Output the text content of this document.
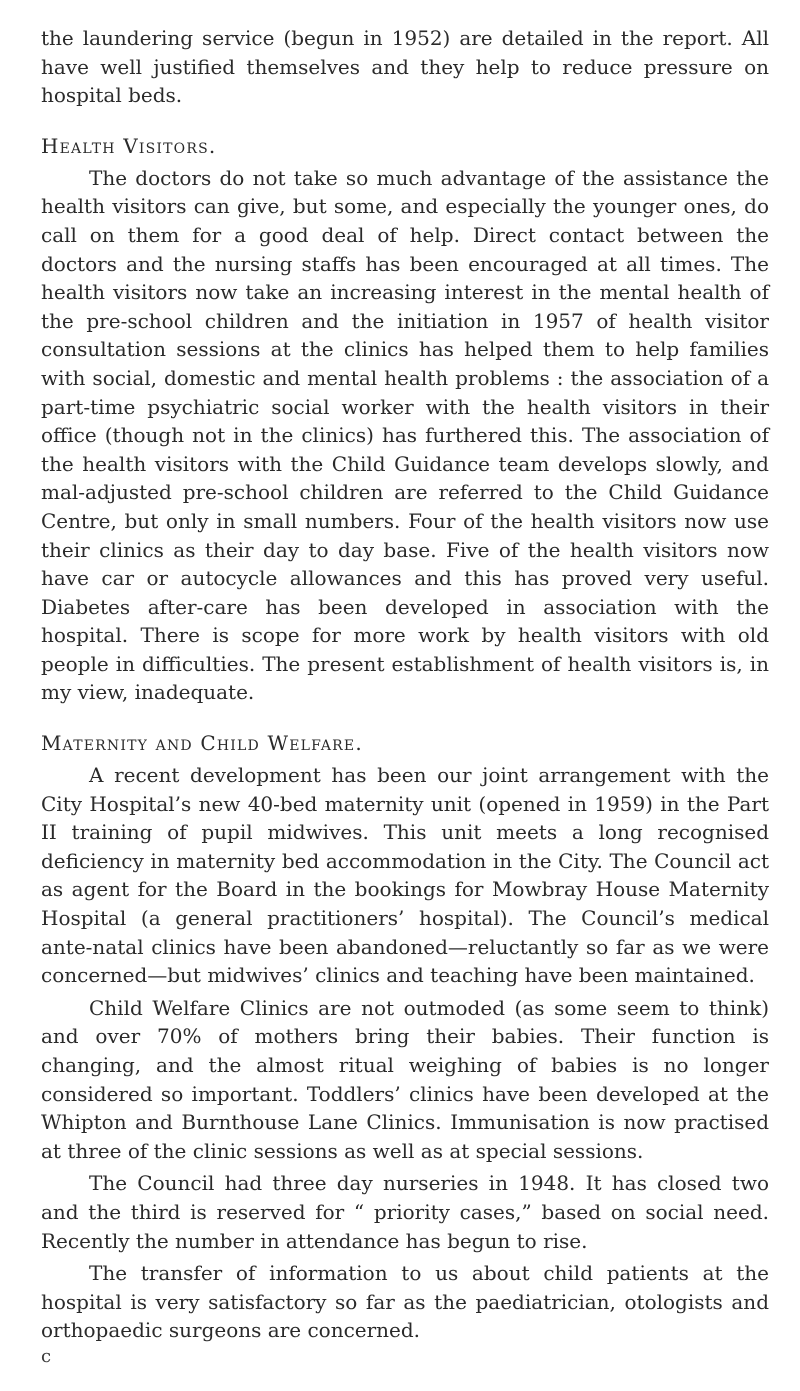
the laundering service (begun in 1952) are detailed in the report. All have well justified themselves and they help to reduce pressure on hospital beds.

Health Visitors.

The doctors do not take so much advantage of the assistance the health visitors can give, but some, and especially the younger ones, do call on them for a good deal of help. Direct contact between the doctors and the nursing staffs has been encouraged at all times. The health visitors now take an increasing interest in the mental health of the pre-school children and the initiation in 1957 of health visitor consultation sessions at the clinics has helped them to help families with social, domestic and mental health problems : the association of a part-time psychiatric social worker with the health visitors in their office (though not in the clinics) has furthered this. The association of the health visitors with the Child Guidance team develops slowly, and mal-adjusted pre-school children are referred to the Child Guidance Centre, but only in small numbers. Four of the health visitors now use their clinics as their day to day base. Five of the health visitors now have car or autocycle allowances and this has proved very useful. Diabetes after-care has been developed in association with the hospital. There is scope for more work by health visitors with old people in difficulties. The present establishment of health visitors is, in my view, inadequate.

Maternity and Child Welfare.

A recent development has been our joint arrangement with the City Hospital’s new 40-bed maternity unit (opened in 1959) in the Part II training of pupil midwives. This unit meets a long recognised deficiency in maternity bed accommodation in the City. The Council act as agent for the Board in the bookings for Mowbray House Maternity Hospital (a general practitioners’ hospital). The Council’s medical ante-natal clinics have been abandoned—reluctantly so far as we were concerned—but midwives’ clinics and teaching have been maintained.

Child Welfare Clinics are not outmoded (as some seem to think) and over 70% of mothers bring their babies. Their function is changing, and the almost ritual weighing of babies is no longer considered so important. Toddlers’ clinics have been developed at the Whipton and Burnthouse Lane Clinics. Immunisation is now practised at three of the clinic sessions as well as at special sessions.

The Council had three day nurseries in 1948. It has closed two and the third is reserved for “ priority cases,” based on social need. Recently the number in attendance has begun to rise.

The transfer of information to us about child patients at the hospital is very satisfactory so far as the paediatrician, otologists and orthopaedic surgeons are concerned.

c
